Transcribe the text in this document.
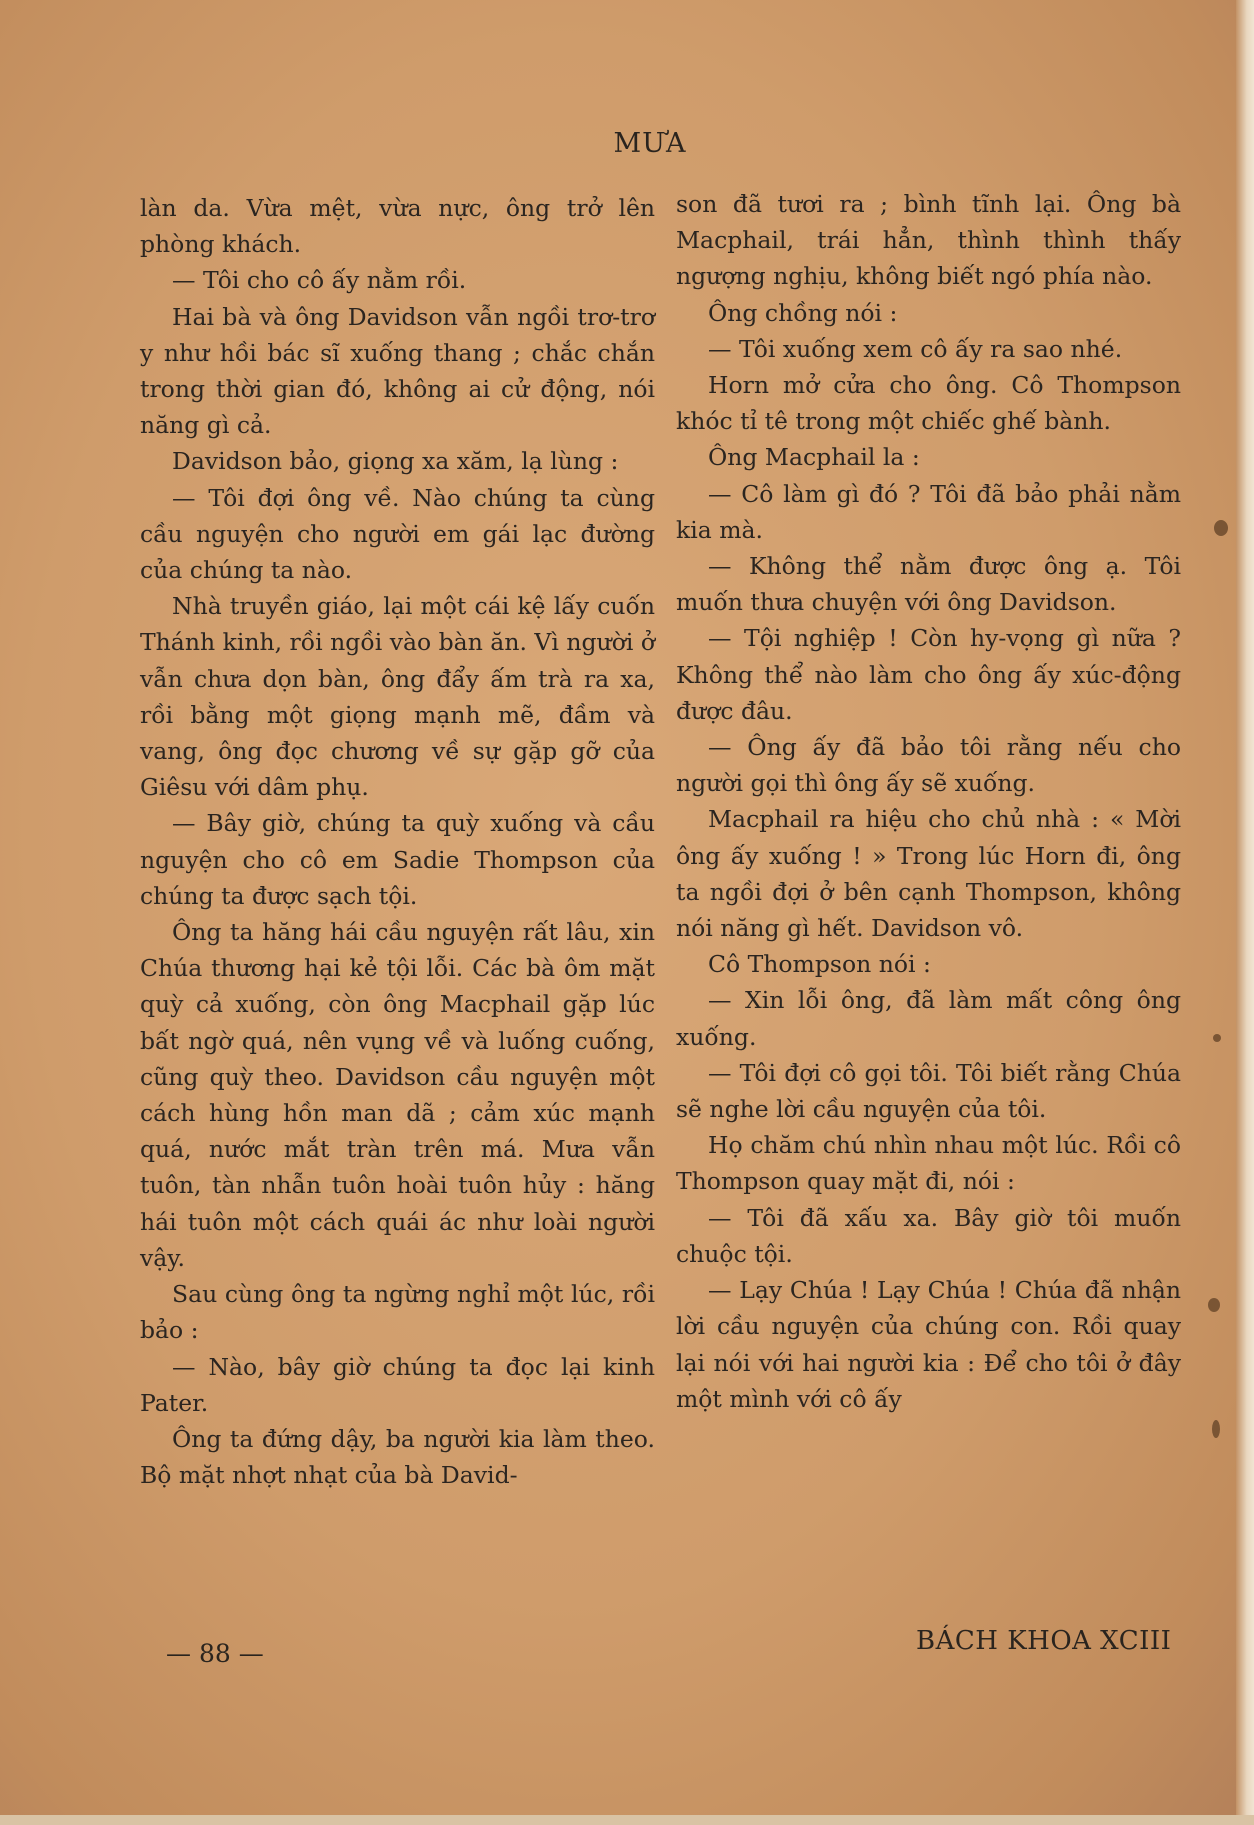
MƯA

làn da. Vừa mệt, vừa nực, ông trở lên phòng khách.

— Tôi cho cô ấy nằm rồi.

Hai bà và ông Davidson vẫn ngồi trơ-trơ y như hồi bác sĩ xuống thang ; chắc chắn trong thời gian đó, không ai cử động, nói năng gì cả.

Davidson bảo, giọng xa xăm, lạ lùng :

— Tôi đợi ông về. Nào chúng ta cùng cầu nguyện cho người em gái lạc đường của chúng ta nào.

Nhà truyền giáo, lại một cái kệ lấy cuốn Thánh kinh, rồi ngồi vào bàn ăn. Vì người ở vẫn chưa dọn bàn, ông đẩy ấm trà ra xa, rồi bằng một giọng mạnh mẽ, đầm và vang, ông đọc chương về sự gặp gỡ của Giêsu với dâm phụ.

— Bây giờ, chúng ta quỳ xuống và cầu nguyện cho cô em Sadie Thompson của chúng ta được sạch tội.

Ông ta hăng hái cầu nguyện rất lâu, xin Chúa thương hại kẻ tội lỗi. Các bà ôm mặt quỳ cả xuống, còn ông Macphail gặp lúc bất ngờ quá, nên vụng về và luống cuống, cũng quỳ theo. Davidson cầu nguyện một cách hùng hồn man dã ; cảm xúc mạnh quá, nước mắt tràn trên má. Mưa vẫn tuôn, tàn nhẫn tuôn hoài tuôn hủy : hăng hái tuôn một cách quái ác như loài người vậy.

Sau cùng ông ta ngừng nghỉ một lúc, rồi bảo :

— Nào, bây giờ chúng ta đọc lại kinh Pater.

Ông ta đứng dậy, ba người kia làm theo. Bộ mặt nhợt nhạt của bà David-

son đã tươi ra ; bình tĩnh lại. Ông bà Macphail, trái hẳn, thình thình thấy ngượng nghịu, không biết ngó phía nào.

Ông chồng nói :

— Tôi xuống xem cô ấy ra sao nhé.

Horn mở cửa cho ông. Cô Thompson khóc tỉ tê trong một chiếc ghế bành.

Ông Macphail la :

— Cô làm gì đó ? Tôi đã bảo phải nằm kia mà.

— Không thể nằm được ông ạ. Tôi muốn thưa chuyện với ông Davidson.

— Tội nghiệp ! Còn hy-vọng gì nữa ? Không thể nào làm cho ông ấy xúc-động được đâu.

— Ông ấy đã bảo tôi rằng nếu cho người gọi thì ông ấy sẽ xuống.

Macphail ra hiệu cho chủ nhà : « Mời ông ấy xuống ! » Trong lúc Horn đi, ông ta ngồi đợi ở bên cạnh Thompson, không nói năng gì hết. Davidson vô.

Cô Thompson nói :

— Xin lỗi ông, đã làm mất công ông xuống.

— Tôi đợi cô gọi tôi. Tôi biết rằng Chúa sẽ nghe lời cầu nguyện của tôi.

Họ chăm chú nhìn nhau một lúc. Rồi cô Thompson quay mặt đi, nói :

— Tôi đã xấu xa. Bây giờ tôi muốn chuộc tội.

— Lạy Chúa ! Lạy Chúa ! Chúa đã nhận lời cầu nguyện của chúng con. Rồi quay lại nói với hai người kia : Để cho tôi ở đây một mình với cô ấy

— 88 —	BÁCH KHOA XCIII
